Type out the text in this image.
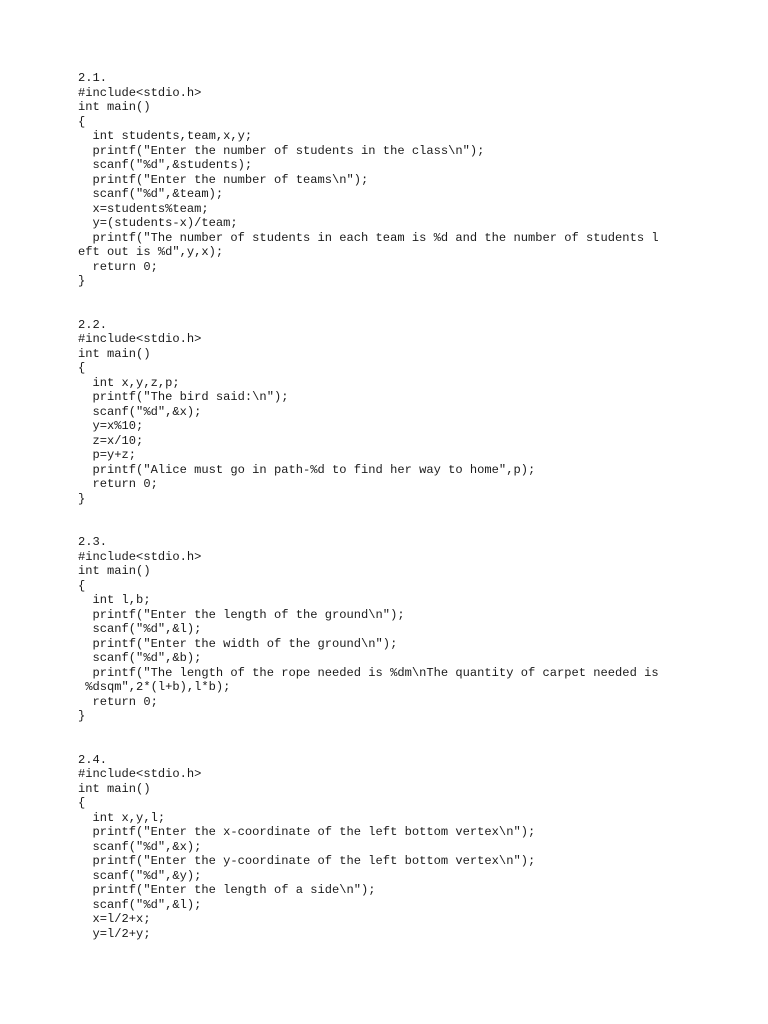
2.1.
#include<stdio.h>
int main()
{
int students,team,x,y;
printf("Enter the number of students in the class\n");
scanf("%d",&students);
printf("Enter the number of teams\n");
scanf("%d",&team);
x=students%team;
y=(students-x)/team;
printf("The number of students in each team is %d and the number of students l
eft out is %d",y,x);
return 0;
}
2.2.
#include<stdio.h>
int main()
{
int x,y,z,p;
printf("The bird said:\n");
scanf("%d",&x);
y=x%10;
z=x/10;
p=y+z;
printf("Alice must go in path-%d to find her way to home",p);
return 0;
}
2.3.
#include<stdio.h>
int main()
{
int l,b;
printf("Enter the length of the ground\n");
scanf("%d",&l);
printf("Enter the width of the ground\n");
scanf("%d",&b);
printf("The length of the rope needed is %dm\nThe quantity of carpet needed is
%dsqm",2*(l+b),l*b);
return 0;
}
2.4.
#include<stdio.h>
int main()
{
int x,y,l;
printf("Enter the x-coordinate of the left bottom vertex\n");
scanf("%d",&x);
printf("Enter the y-coordinate of the left bottom vertex\n");
scanf("%d",&y);
printf("Enter the length of a side\n");
scanf("%d",&l);
x=l/2+x;
y=l/2+y;
